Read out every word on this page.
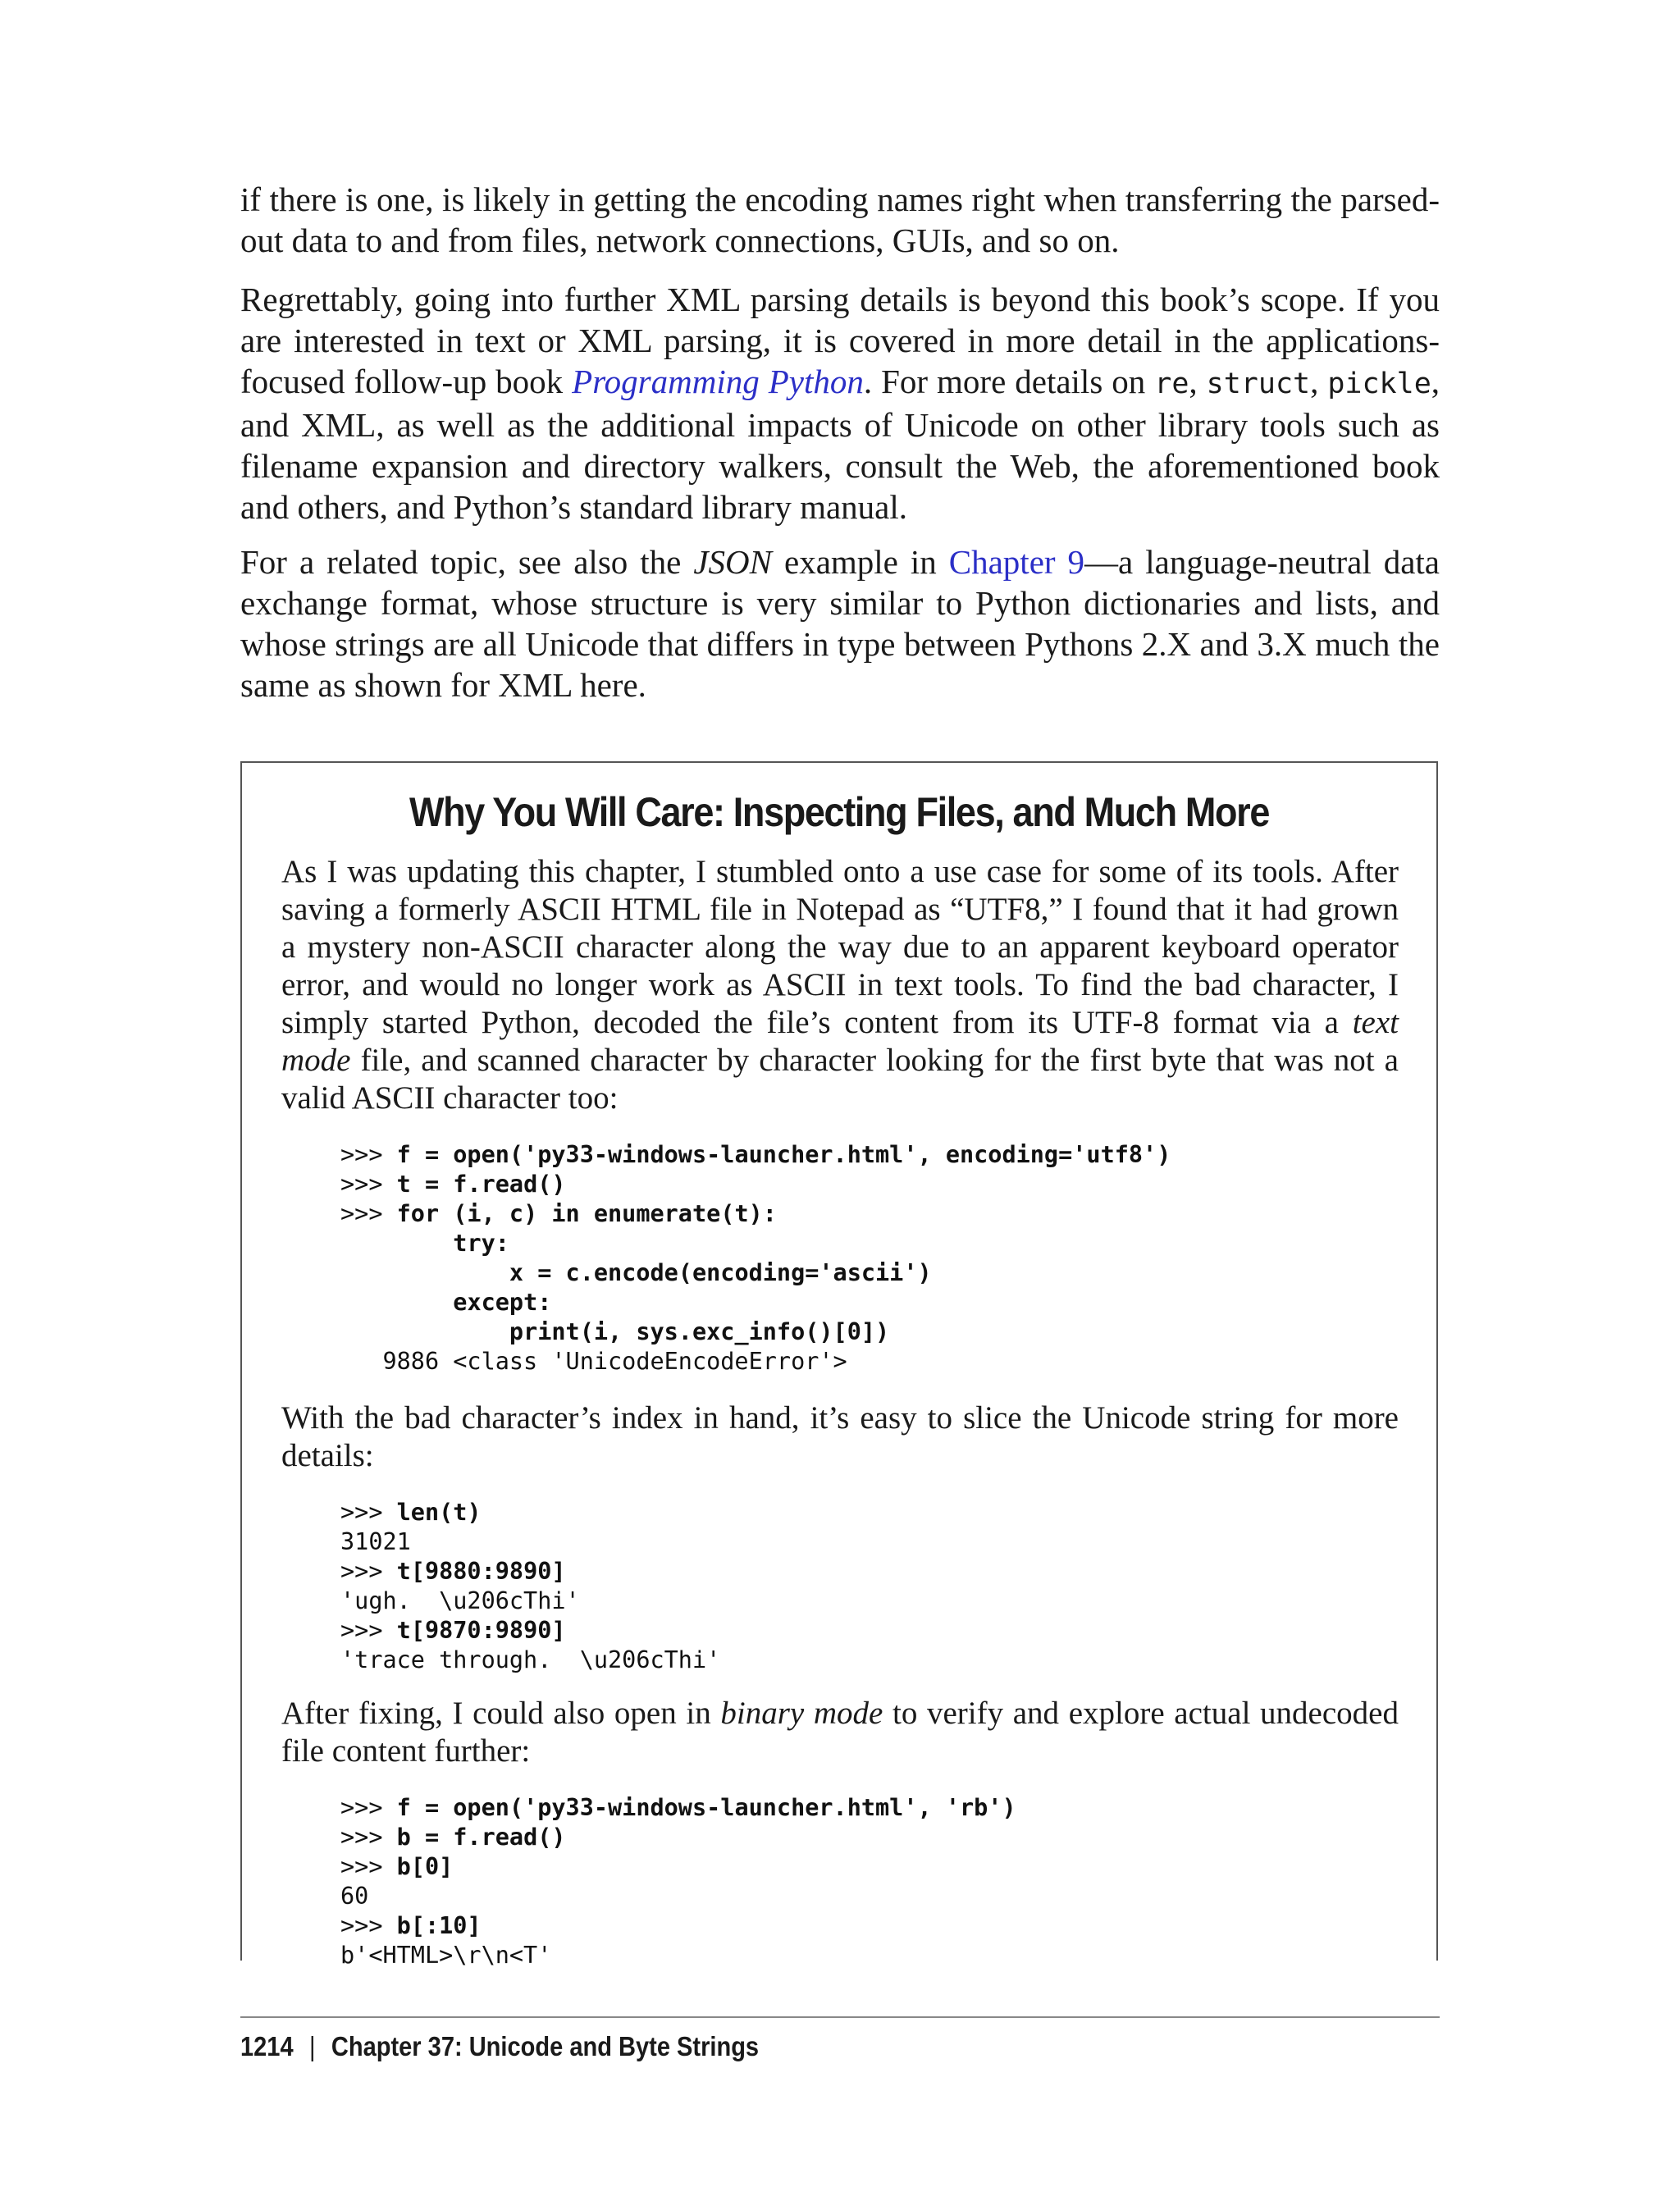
if there is one, is likely in getting the encoding names right when transferring the parsed-

out data to and from files, network connections, GUIs, and so on.

Regrettably, going into further XML parsing details is beyond this book’s scope. If you are interested in text or XML parsing, it is covered in more detail in the applications-focused follow-up book Programming Python. For more details on re, struct, pickle, and XML, as well as the additional impacts of Unicode on other library tools such as filename expansion and directory walkers, consult the Web, the aforementioned book and others, and Python’s standard library manual.

For a related topic, see also the JSON example in Chapter 9—a language-neutral data exchange format, whose structure is very similar to Python dictionaries and lists, and whose strings are all Unicode that differs in type between Pythons 2.X and 3.X much the same as shown for XML here.

Why You Will Care: Inspecting Files, and Much More

As I was updating this chapter, I stumbled onto a use case for some of its tools. After saving a formerly ASCII HTML file in Notepad as “UTF8,” I found that it had grown a mystery non-ASCII character along the way due to an apparent keyboard operator error, and would no longer work as ASCII in text tools. To find the bad character, I simply started Python, decoded the file’s content from its UTF-8 format via a text mode file, and scanned character by character looking for the first byte that was not a valid ASCII character too:

>>> f = open('py33-windows-launcher.html', encoding='utf8')
>>> t = f.read()
>>> for (i, c) in enumerate(t):
try:
x = c.encode(encoding='ascii')
except:
print(i, sys.exc_info()[0])
9886 <class 'UnicodeEncodeError'>

With the bad character’s index in hand, it’s easy to slice the Unicode string for more details:

>>> len(t)
31021
>>> t[9880:9890]
'ugh.  \u206cThi'
>>> t[9870:9890]
'trace through.  \u206cThi'

After fixing, I could also open in binary mode to verify and explore actual undecoded file content further:

>>> f = open('py33-windows-launcher.html', 'rb')
>>> b = f.read()
>>> b[0]
60
>>> b[:10]
b'<HTML>\r\n<T'
1214 | Chapter 37: Unicode and Byte Strings
